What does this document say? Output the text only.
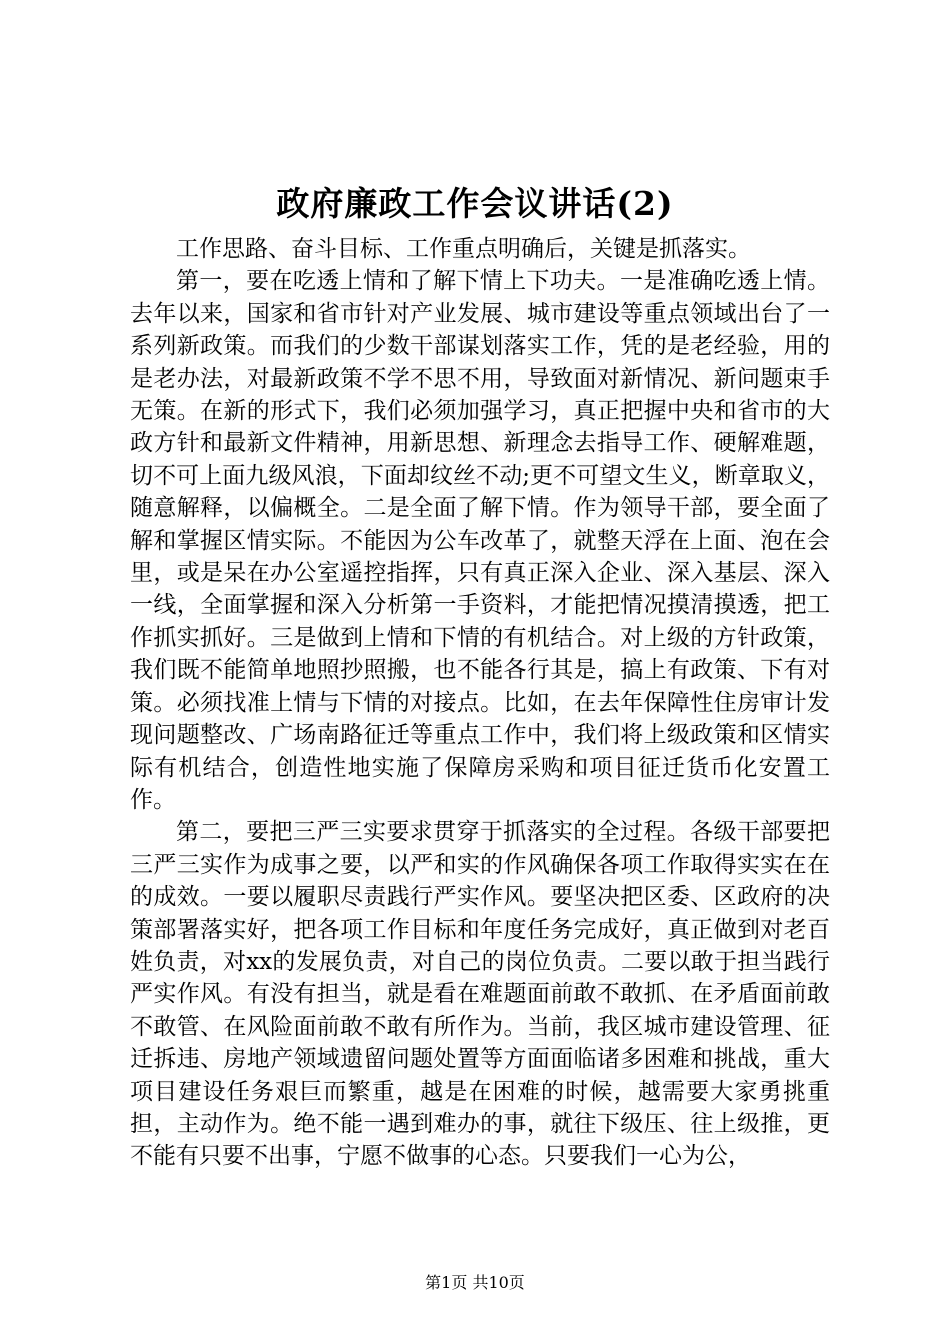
政府廉政工作会议讲话(2)

工作思路、奋斗目标、工作重点明确后，关键是抓落实。

第一，要在吃透上情和了解下情上下功夫。一是准确吃透上情。去年以来，国家和省市针对产业发展、城市建设等重点领域出台了一系列新政策。而我们的少数干部谋划落实工作，凭的是老经验，用的是老办法，对最新政策不学不思不用，导致面对新情况、新问题束手无策。在新的形式下，我们必须加强学习，真正把握中央和省市的大政方针和最新文件精神，用新思想、新理念去指导工作、硬解难题，切不可上面九级风浪，下面却纹丝不动;更不可望文生义，断章取义，随意解释，以偏概全。二是全面了解下情。作为领导干部，要全面了解和掌握区情实际。不能因为公车改革了，就整天浮在上面、泡在会里，或是呆在办公室遥控指挥，只有真正深入企业、深入基层、深入一线，全面掌握和深入分析第一手资料，才能把情况摸清摸透，把工作抓实抓好。三是做到上情和下情的有机结合。对上级的方针政策，我们既不能简单地照抄照搬，也不能各行其是，搞上有政策、下有对策。必须找准上情与下情的对接点。比如，在去年保障性住房审计发现问题整改、广场南路征迁等重点工作中，我们将上级政策和区情实际有机结合，创造性地实施了保障房采购和项目征迁货币化安置工作。

第二，要把三严三实要求贯穿于抓落实的全过程。各级干部要把三严三实作为成事之要，以严和实的作风确保各项工作取得实实在在的成效。一要以履职尽责践行严实作风。要坚决把区委、区政府的决策部署落实好，把各项工作目标和年度任务完成好，真正做到对老百姓负责，对xx的发展负责，对自己的岗位负责。二要以敢于担当践行严实作风。有没有担当，就是看在难题面前敢不敢抓、在矛盾面前敢不敢管、在风险面前敢不敢有所作为。当前，我区城市建设管理、征迁拆违、房地产领域遗留问题处置等方面面临诸多困难和挑战，重大项目建设任务艰巨而繁重，越是在困难的时候，越需要大家勇挑重担，主动作为。绝不能一遇到难办的事，就往下级压、往上级推，更不能有只要不出事，宁愿不做事的心态。只要我们一心为公，

第1页 共10页
